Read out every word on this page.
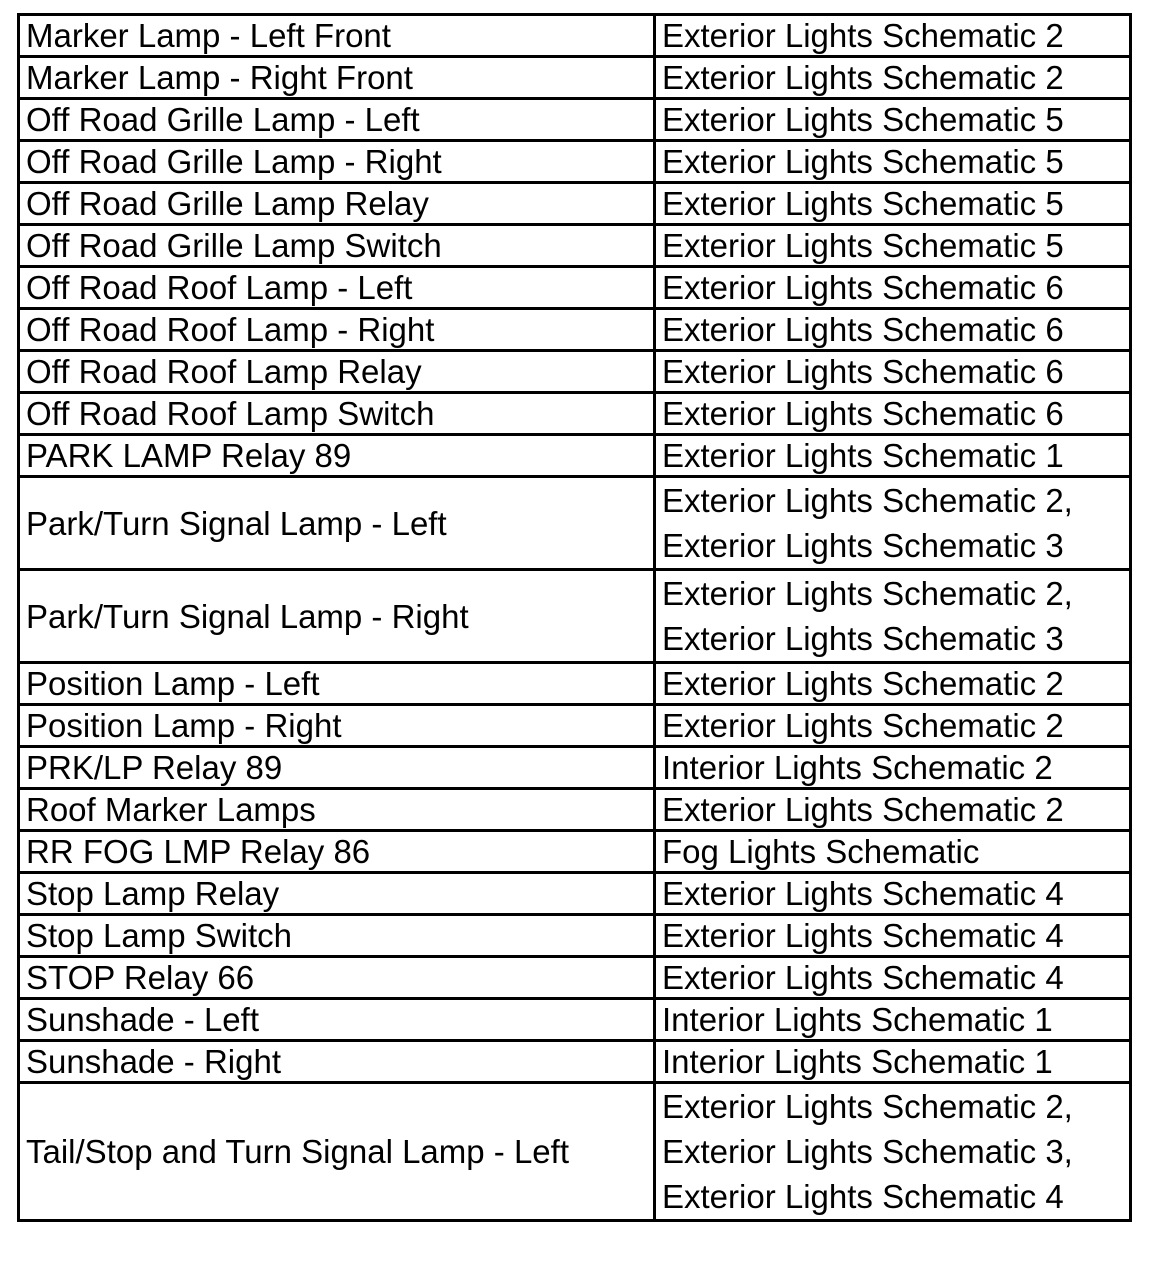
Marker Lamp - Left Front	Exterior Lights Schematic 2

Marker Lamp - Right Front	Exterior Lights Schematic 2

Off Road Grille Lamp - Left	Exterior Lights Schematic 5

Off Road Grille Lamp - Right	Exterior Lights Schematic 5

Off Road Grille Lamp Relay	Exterior Lights Schematic 5

Off Road Grille Lamp Switch	Exterior Lights Schematic 5

Off Road Roof Lamp - Left	Exterior Lights Schematic 6

Off Road Roof Lamp - Right	Exterior Lights Schematic 6

Off Road Roof Lamp Relay	Exterior Lights Schematic 6

Off Road Roof Lamp Switch	Exterior Lights Schematic 6

PARK LAMP Relay 89	Exterior Lights Schematic 1

Park/Turn Signal Lamp - Left	Exterior Lights Schematic 2,
Exterior Lights Schematic 3

Park/Turn Signal Lamp - Right	Exterior Lights Schematic 2,
Exterior Lights Schematic 3

Position Lamp - Left	Exterior Lights Schematic 2

Position Lamp - Right	Exterior Lights Schematic 2

PRK/LP Relay 89	Interior Lights Schematic 2

Roof Marker Lamps	Exterior Lights Schematic 2

RR FOG LMP Relay 86	Fog Lights Schematic

Stop Lamp Relay	Exterior Lights Schematic 4

Stop Lamp Switch	Exterior Lights Schematic 4

STOP Relay 66	Exterior Lights Schematic 4

Sunshade - Left	Interior Lights Schematic 1

Sunshade - Right	Interior Lights Schematic 1

Tail/Stop and Turn Signal Lamp - Left	Exterior Lights Schematic 2,
Exterior Lights Schematic 3,
Exterior Lights Schematic 4
